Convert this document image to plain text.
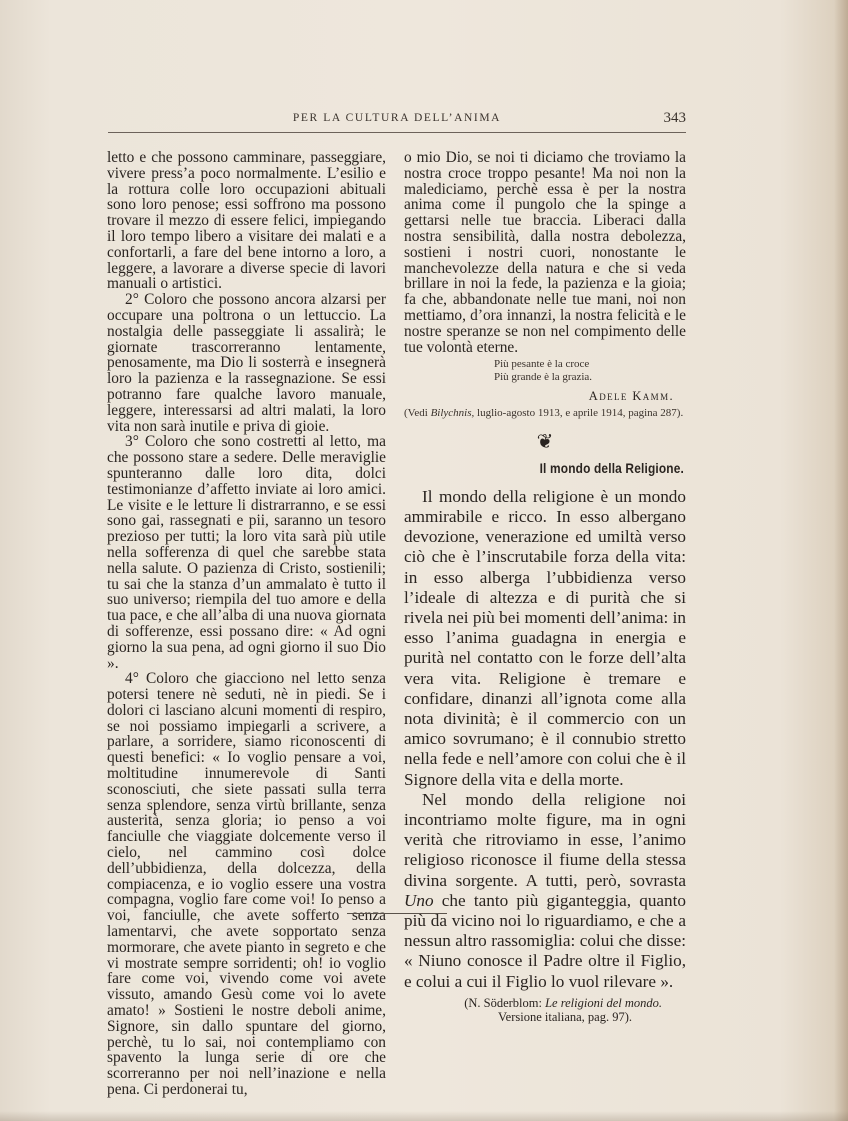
PER LA CULTURA DELL’ANIMA	343

letto e che possono camminare, passeggiare, vivere press’a poco normalmente. L’esilio e la rottura colle loro occupazioni abituali sono loro penose; essi soffrono ma possono trovare il mezzo di essere felici, impiegando il loro tempo libero a visitare dei malati e a confortarli, a fare del bene intorno a loro, a leggere, a lavorare a diverse specie di lavori manuali o artistici.

2° Coloro che possono ancora alzarsi per occupare una poltrona o un lettuccio. La nostalgia delle passeggiate li assalirà; le giornate trascorreranno lentamente, penosamente, ma Dio li sosterrà e insegnerà loro la pazienza e la rassegnazione. Se essi potranno fare qualche lavoro manuale, leggere, interessarsi ad altri malati, la loro vita non sarà inutile e priva di gioie.

3° Coloro che sono costretti al letto, ma che possono stare a sedere. Delle meraviglie spunteranno dalle loro dita, dolci testimonianze d’affetto inviate ai loro amici. Le visite e le letture li distrarranno, e se essi sono gai, rassegnati e pii, saranno un tesoro prezioso per tutti; la loro vita sarà più utile nella sofferenza di quel che sarebbe stata nella salute. O pazienza di Cristo, sostienili; tu sai che la stanza d’un ammalato è tutto il suo universo; riempila del tuo amore e della tua pace, e che all’alba di una nuova giornata di sofferenze, essi possano dire: « Ad ogni giorno la sua pena, ad ogni giorno il suo Dio ».

4° Coloro che giacciono nel letto senza potersi tenere nè seduti, nè in piedi. Se i dolori ci lasciano alcuni momenti di respiro, se noi possiamo impiegarli a scrivere, a parlare, a sorridere, siamo riconoscenti di questi benefici: « Io voglio pensare a voi, moltitudine innumerevole di Santi sconosciuti, che siete passati sulla terra senza splendore, senza virtù brillante, senza austerità, senza gloria; io penso a voi fanciulle che viaggiate dolcemente verso il cielo, nel cammino così dolce dell’ubbidienza, della dolcezza, della compiacenza, e io voglio essere una vostra compagna, voglio fare come voi! Io penso a voi, fanciulle, che avete sofferto senza lamentarvi, che avete sopportato senza mormorare, che avete pianto in segreto e che vi mostrate sempre sorridenti; oh! io voglio fare come voi, vivendo come voi avete vissuto, amando Gesù come voi lo avete amato! » Sostieni le nostre deboli anime, Signore, sin dallo spuntare del giorno, perchè, tu lo sai, noi contempliamo con spavento la lunga serie di ore che scorreranno per noi nell’inazione e nella pena. Ci perdonerai tu,

o mio Dio, se noi ti diciamo che troviamo la nostra croce troppo pesante! Ma noi non la malediciamo, perchè essa è per la nostra anima come il pungolo che la spinge a gettarsi nelle tue braccia. Liberaci dalla nostra sensibilità, dalla nostra debolezza, sostieni i nostri cuori, nonostante le manchevolezze della natura e che si veda brillare in noi la fede, la pazienza e la gioia; fa che, abbandonate nelle tue mani, noi non mettiamo, d’ora innanzi, la nostra felicità e le nostre speranze se non nel compimento delle tue volontà eterne.

Più pesante è la croce
Più grande è la grazia.
Adele Kamm.

(Vedi Bilychnis, luglio-agosto 1913, e aprile 1914, pagina 287).

❦
Il mondo della Religione.

Il mondo della religione è un mondo ammirabile e ricco. In esso albergano devozione, venerazione ed umiltà verso ciò che è l’inscrutabile forza della vita: in esso alberga l’ubbidienza verso l’ideale di altezza e di purità che si rivela nei più bei momenti dell’anima: in esso l’anima guadagna in energia e purità nel contatto con le forze dell’alta vera vita. Religione è tremare e confidare, dinanzi all’ignota come alla nota divinità; è il commercio con un amico sovrumano; è il connubio stretto nella fede e nell’amore con colui che è il Signore della vita e della morte.

Nel mondo della religione noi incontriamo molte figure, ma in ogni verità che ritroviamo in esse, l’animo religioso riconosce il fiume della stessa divina sorgente. A tutti, però, sovrasta Uno che tanto più giganteggia, quanto più da vicino noi lo riguardiamo, e che a nessun altro rassomiglia: colui che disse: « Niuno conosce il Padre oltre il Figlio, e colui a cui il Figlio lo vuol rilevare ».

(N. Söderblom: Le religioni del mondo.
Versione italiana, pag. 97).
